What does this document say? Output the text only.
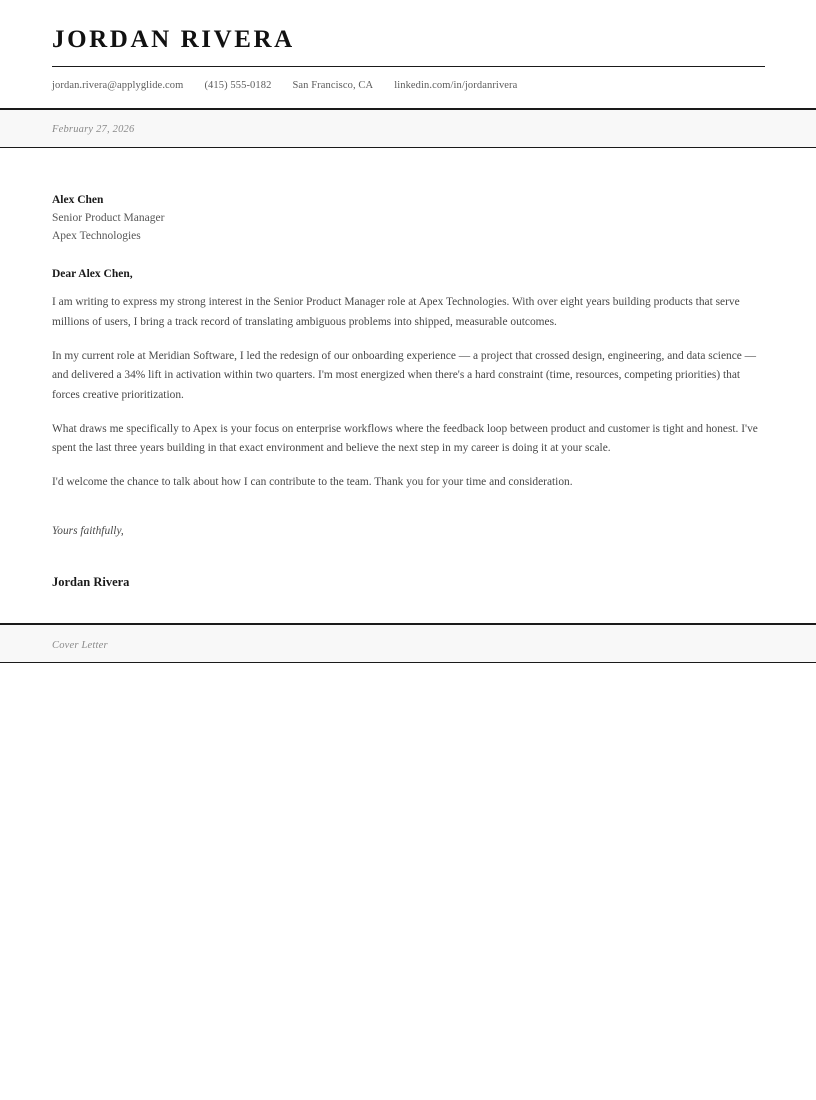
JORDAN RIVERA
jordan.rivera@applyglide.com (415) 555-0182 San Francisco, CA linkedin.com/in/jordanrivera
February 27, 2026
Alex Chen
Senior Product Manager
Apex Technologies
Dear Alex Chen,

I am writing to express my strong interest in the Senior Product Manager role at Apex Technologies. With over eight years building products that serve millions of users, I bring a track record of translating ambiguous problems into shipped, measurable outcomes.

In my current role at Meridian Software, I led the redesign of our onboarding experience — a project that crossed design, engineering, and data science — and delivered a 34% lift in activation within two quarters. I'm most energized when there's a hard constraint (time, resources, competing priorities) that forces creative prioritization.

What draws me specifically to Apex is your focus on enterprise workflows where the feedback loop between product and customer is tight and honest. I've spent the last three years building in that exact environment and believe the next step in my career is doing it at your scale.

I'd welcome the chance to talk about how I can contribute to the team. Thank you for your time and consideration.

Yours faithfully,
Jordan Rivera
Cover Letter
